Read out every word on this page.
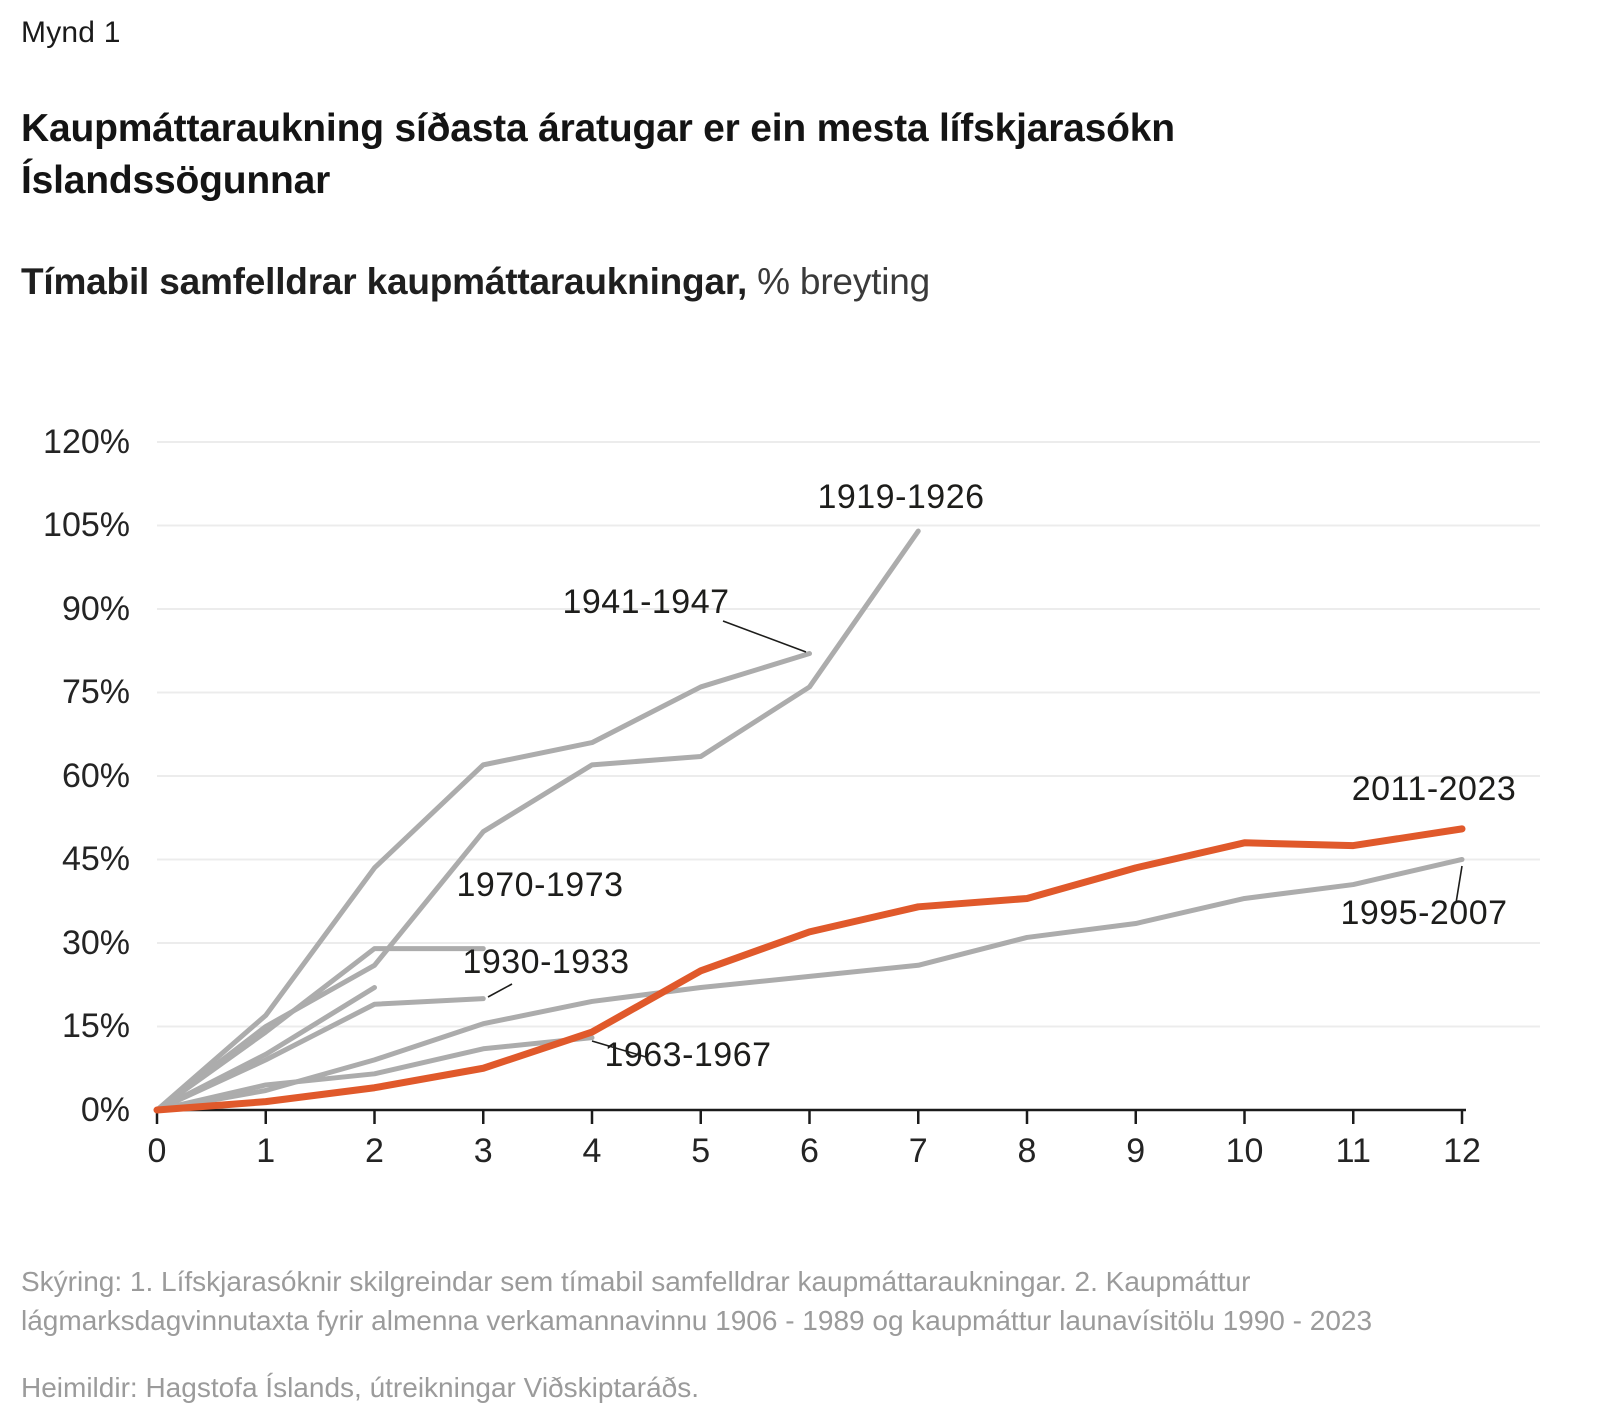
Mynd 1
Kaupmáttaraukning síðasta áratugar er ein mesta lífskjarasókn
Íslandssögunnar
Tímabil samfelldrar kaupmáttaraukningar, % breyting
0%
15%
30%
45%
60%
75%
90%
105%
120%
0	1	2	3	4	5	6	7	8	9	10	11	12
1919-1926
1941-1947
1970-1973
1930-1933
1963-1967
1995-2007
2011-2023
Skýring: 1. Lífskjarasóknir skilgreindar sem tímabil samfelldrar kaupmáttaraukningar. 2. Kaupmáttur lágmarksdagvinnutaxta fyrir almenna verkamannavinnu 1906 - 1989 og kaupmáttur launavísitölu 1990 - 2023
Heimildir: Hagstofa Íslands, útreikningar Viðskiptaráðs.
